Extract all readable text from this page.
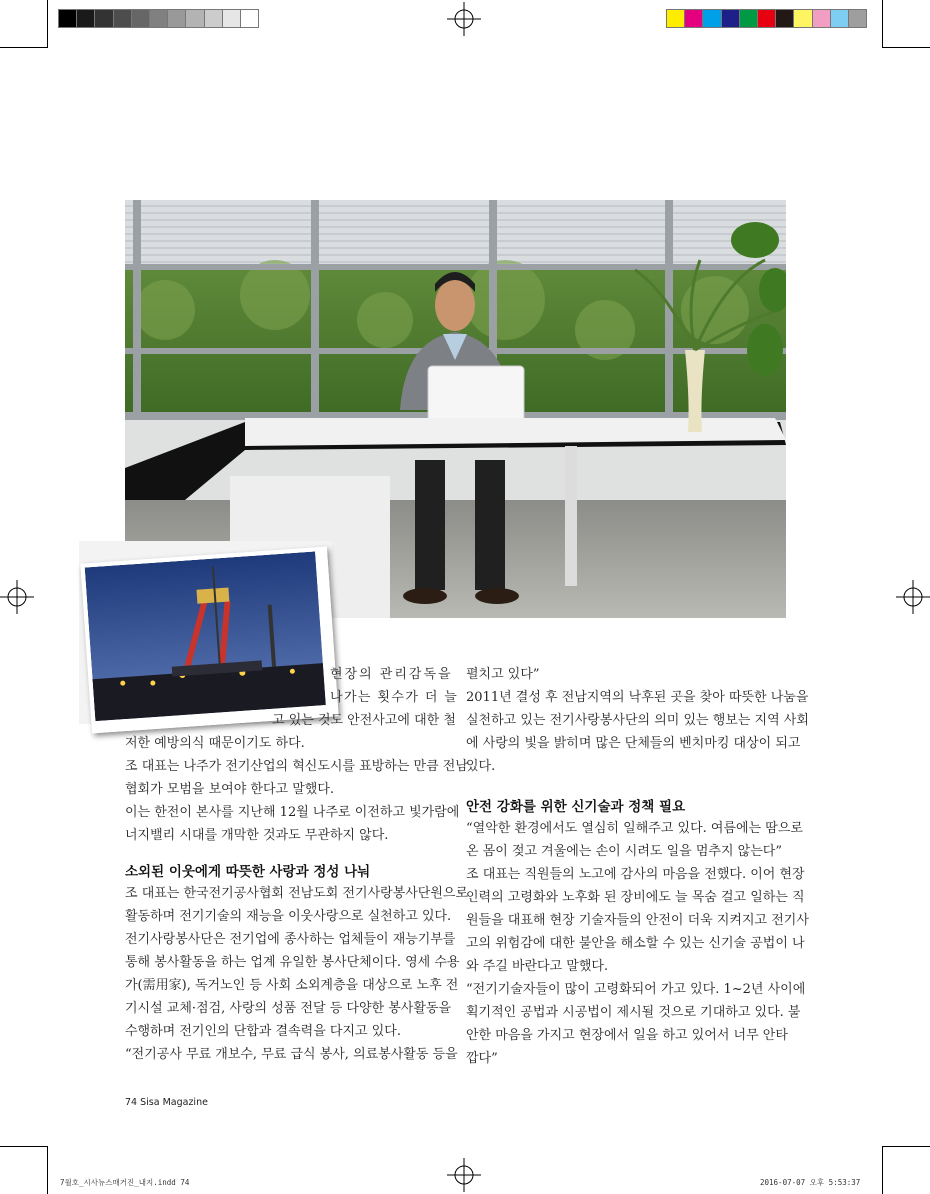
현장의 관리감독을
나가는 횟수가 더 늘
고 있는 것도 안전사고에 대한 철
저한 예방의식 때문이기도 하다.
조 대표는 나주가 전기산업의 혁신도시를 표방하는 만큼 전남
협회가 모범을 보여야 한다고 말했다.
이는 한전이 본사를 지난해 12월 나주로 이전하고 빛가람에
너지밸리 시대를 개막한 것과도 무관하지 않다.
소외된 이웃에게 따뜻한 사랑과 정성 나눠
조 대표는 한국전기공사협회 전남도회 전기사랑봉사단원으로
활동하며 전기기술의 재능을 이웃사랑으로 실천하고 있다.
전기사랑봉사단은 전기업에 종사하는 업체들이 재능기부를
통해 봉사활동을 하는 업계 유일한 봉사단체이다. 영세 수용
가(需用家), 독거노인 등 사회 소외계층을 대상으로 노후 전
기시설 교체·점검, 사랑의 성품 전달 등 다양한 봉사활동을
수행하며 전기인의 단합과 결속력을 다지고 있다.
“전기공사 무료 개보수, 무료 급식 봉사, 의료봉사활동 등을
펼치고 있다”
2011년 결성 후 전남지역의 낙후된 곳을 찾아 따뜻한 나눔을
실천하고 있는 전기사랑봉사단의 의미 있는 행보는 지역 사회
에 사랑의 빛을 밝히며 많은 단체들의 벤치마킹 대상이 되고
있다.
안전 강화를 위한 신기술과 정책 필요
“열악한 환경에서도 열심히 일해주고 있다. 여름에는 땀으로
온 몸이 젖고 겨울에는 손이 시려도 일을 멈추지 않는다”
조 대표는 직원들의 노고에 감사의 마음을 전했다. 이어 현장
인력의 고령화와 노후화 된 장비에도 늘 목숨 걸고 일하는 직
원들을 대표해 현장 기술자들의 안전이 더욱 지켜지고 전기사
고의 위험감에 대한 불안을 해소할 수 있는 신기술 공법이 나
와 주길 바란다고 말했다.
“전기기술자들이 많이 고령화되어 가고 있다. 1~2년 사이에
획기적인 공법과 시공법이 제시될 것으로 기대하고 있다. 불
안한 마음을 가지고 현장에서 일을 하고 있어서 너무 안타
깝다”
74 Sisa Magazine
7월호_시사뉴스매거진_내지.indd 74	2016-07-07 오후 5:53:37
